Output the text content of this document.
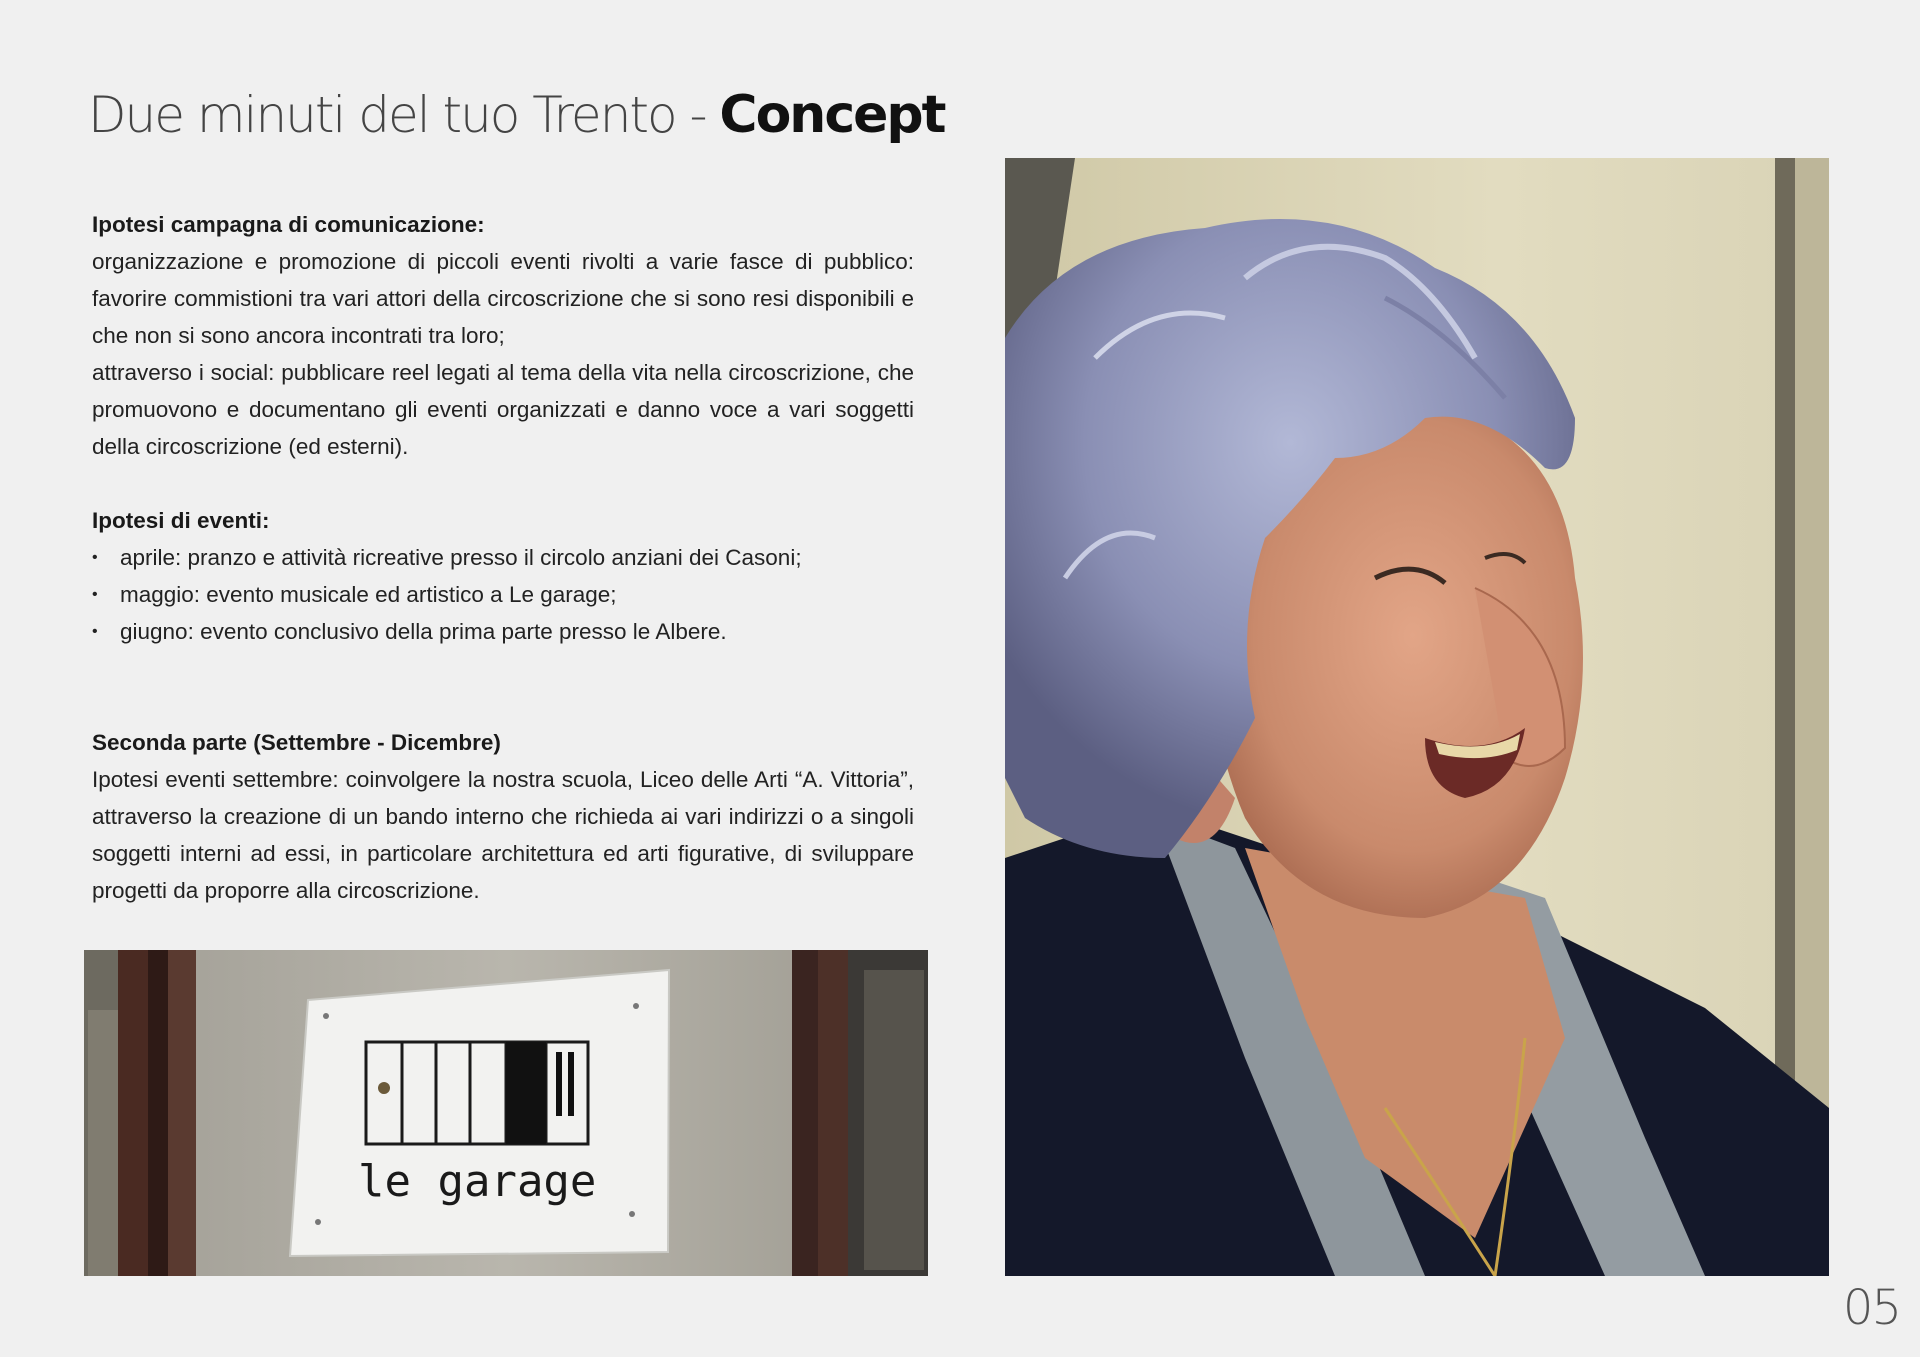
Due minuti del tuo Trento - Concept

Ipotesi campagna di comunicazione:

organizzazione e promozione di piccoli eventi rivolti a varie fasce di pubblico: favorire commistioni tra vari attori della circoscrizione che si sono resi disponibili e che non si sono ancora incontrati tra loro;

attraverso i social: pubblicare reel legati al tema della vita nella circoscrizione, che promuovono e documentano gli eventi organizzati e danno voce a vari soggetti della circoscrizione (ed esterni).

Ipotesi di eventi:

• aprile: pranzo e attività ricreative presso il circolo anziani dei Casoni;
• maggio: evento musicale ed artistico a Le garage;
• giugno: evento conclusivo della prima parte presso le Albere.

Seconda parte (Settembre - Dicembre)

Ipotesi eventi settembre: coinvolgere la nostra scuola, Liceo delle Arti “A. Vittoria”, attraverso la creazione di un bando interno che richieda ai vari indirizzi o a singoli soggetti interni ad essi, in particolare architettura ed arti figurative, di sviluppare progetti da proporre alla circoscrizione.

le garage
05
